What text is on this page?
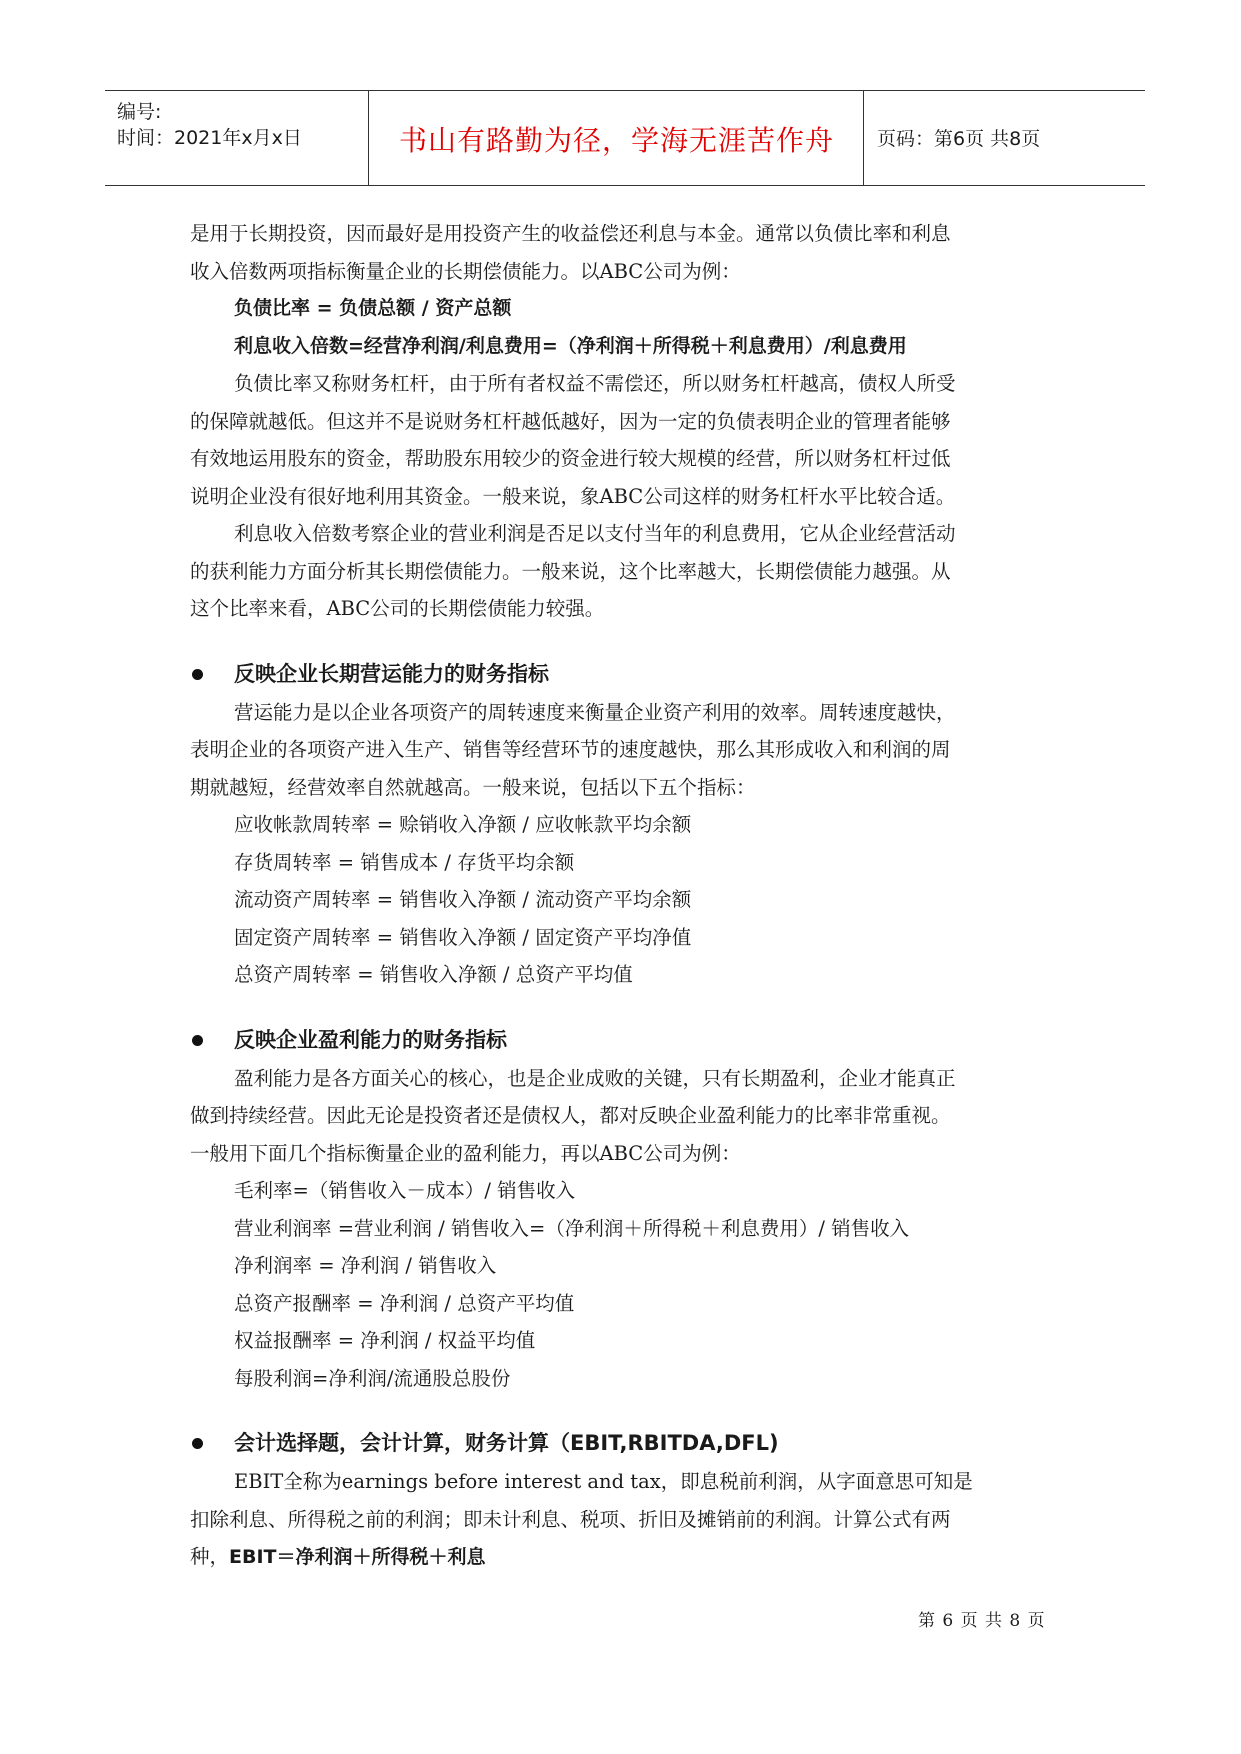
编号:
时间：2021年x月x日	书山有路勤为径，学海无涯苦作舟	页码：第6页 共8页
是用于长期投资，因而最好是用投资产生的收益偿还利息与本金。通常以负债比率和利息
收入倍数两项指标衡量企业的长期偿债能力。以ABC公司为例：
负债比率 = 负债总额 / 资产总额
利息收入倍数=经营净利润/利息费用=（净利润＋所得税＋利息费用）/利息费用
负债比率又称财务杠杆，由于所有者权益不需偿还，所以财务杠杆越高，债权人所受
的保障就越低。但这并不是说财务杠杆越低越好，因为一定的负债表明企业的管理者能够
有效地运用股东的资金，帮助股东用较少的资金进行较大规模的经营，所以财务杠杆过低
说明企业没有很好地利用其资金。一般来说，象ABC公司这样的财务杠杆水平比较合适。
利息收入倍数考察企业的营业利润是否足以支付当年的利息费用，它从企业经营活动
的获利能力方面分析其长期偿债能力。一般来说，这个比率越大，长期偿债能力越强。从
这个比率来看，ABC公司的长期偿债能力较强。
反映企业长期营运能力的财务指标
营运能力是以企业各项资产的周转速度来衡量企业资产利用的效率。周转速度越快，
表明企业的各项资产进入生产、销售等经营环节的速度越快，那么其形成收入和利润的周
期就越短，经营效率自然就越高。一般来说，包括以下五个指标：
应收帐款周转率 = 赊销收入净额 / 应收帐款平均余额
存货周转率 = 销售成本 / 存货平均余额
流动资产周转率 = 销售收入净额 / 流动资产平均余额
固定资产周转率 = 销售收入净额 / 固定资产平均净值
总资产周转率 = 销售收入净额 / 总资产平均值
反映企业盈利能力的财务指标
盈利能力是各方面关心的核心，也是企业成败的关键，只有长期盈利，企业才能真正
做到持续经营。因此无论是投资者还是债权人，都对反映企业盈利能力的比率非常重视。
一般用下面几个指标衡量企业的盈利能力，再以ABC公司为例：
毛利率=（销售收入－成本）/ 销售收入
营业利润率 =营业利润 / 销售收入=（净利润＋所得税＋利息费用）/ 销售收入
净利润率 = 净利润 / 销售收入
总资产报酬率 = 净利润 / 总资产平均值
权益报酬率 = 净利润 / 权益平均值
每股利润=净利润/流通股总股份
会计选择题，会计计算，财务计算（EBIT,RBITDA,DFL)
EBIT全称为earnings before interest and tax，即息税前利润，从字面意思可知是
扣除利息、所得税之前的利润；即未计利息、税项、折旧及摊销前的利润。计算公式有两
种，EBIT＝净利润＋所得税＋利息
第 6 页 共 8 页
